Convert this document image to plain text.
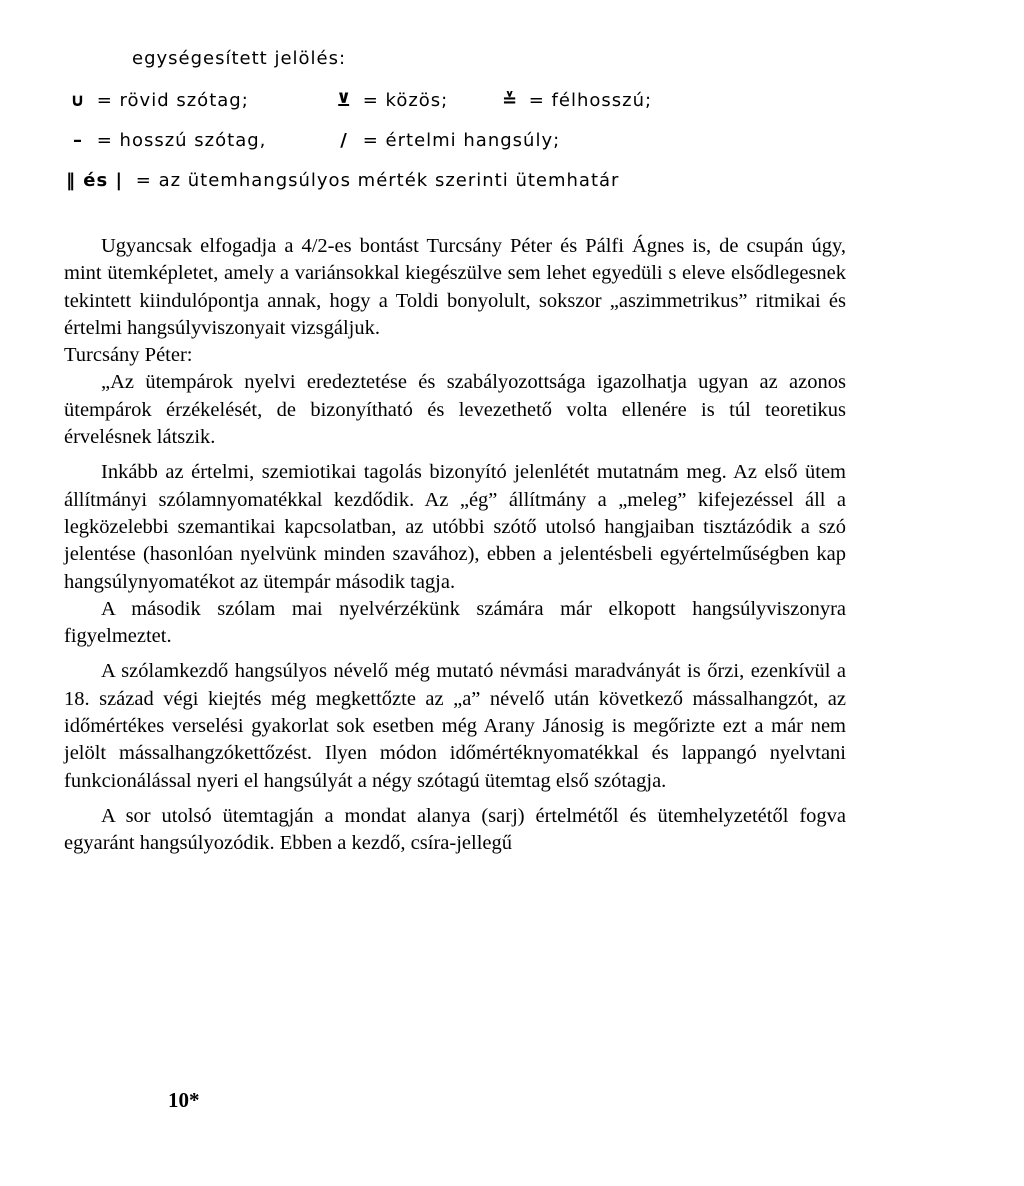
egységesített jelölés:
∪ = rövid szótag;	⊻ = közös;	≚ = félhosszú;
– = hosszú szótag,	/ = értelmi hangsúly;
‖ és | = az ütemhangsúlyos mérték szerinti ütemhatár

Ugyancsak elfogadja a 4/2-es bontást Turcsány Péter és Pálfi Ágnes is, de csupán úgy, mint ütemképletet, amely a variánsokkal kiegészülve sem lehet egyedüli s eleve elsődlegesnek tekintett kiindulópontja annak, hogy a Toldi bonyolult, sokszor „aszimmetrikus” ritmikai és értelmi hangsúlyviszonyait vizsgáljuk.

Turcsány Péter:

„Az ütempárok nyelvi eredeztetése és szabályozottsága igazolhatja ugyan az azonos ütempárok érzékelését, de bizonyítható és levezethető volta ellenére is túl teoretikus érvelésnek látszik.

Inkább az értelmi, szemiotikai tagolás bizonyító jelenlétét mutatnám meg. Az első ütem állítmányi szólamnyomatékkal kezdődik. Az „ég” állítmány a „meleg” kifejezéssel áll a legközelebbi szemantikai kapcsolatban, az utóbbi szótő utolsó hangjaiban tisztázódik a szó jelentése (hasonlóan nyelvünk minden szavához), ebben a jelentésbeli egyértelműségben kap hangsúlynyomatékot az ütempár második tagja.

A második szólam mai nyelvérzékünk számára már elkopott hangsúlyviszonyra figyelmeztet.

A szólamkezdő hangsúlyos névelő még mutató névmási maradványát is őrzi, ezenkívül a 18. század végi kiejtés még megkettőzte az „a” névelő után következő mássalhangzót, az időmértékes verselési gyakorlat sok esetben még Arany Jánosig is megőrizte ezt a már nem jelölt mássalhangzókettőzést. Ilyen módon időmértéknyomatékkal és lappangó nyelvtani funkcionálással nyeri el hangsúlyát a négy szótagú ütemtag első szótagja.

A sor utolsó ütemtagján a mondat alanya (sarj) értelmétől és ütemhelyzetétől fogva egyaránt hangsúlyozódik. Ebben a kezdő, csíra-jellegű

10*
